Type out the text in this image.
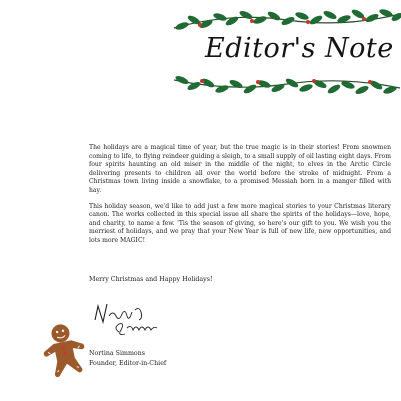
Editor's Note

The holidays are a magical time of year, but the true magic is in their stories! From snowmen coming to life, to flying reindeer guiding a sleigh, to a small supply of oil lasting eight days. From four spirits haunting an old miser in the middle of the night, to elves in the Arctic Circle delivering presents to children all over the world before the stroke of midnight. From a Christmas town living inside a snowflake, to a promised Messiah born in a manger filled with hay.

This holiday season, we'd like to add just a few more magical stories to your Christmas literary canon. The works collected in this special issue all share the spirits of the holidays—love, hope, and charity, to name a few. 'Tis the season of giving, so here's our gift to you. We wish you the merriest of holidays, and we pray that your New Year is full of new life, new opportunities, and lots more MAGIC!

Merry Christmas and Happy Holidays!
Nortina Simmons
Founder, Editor-in-Chief
